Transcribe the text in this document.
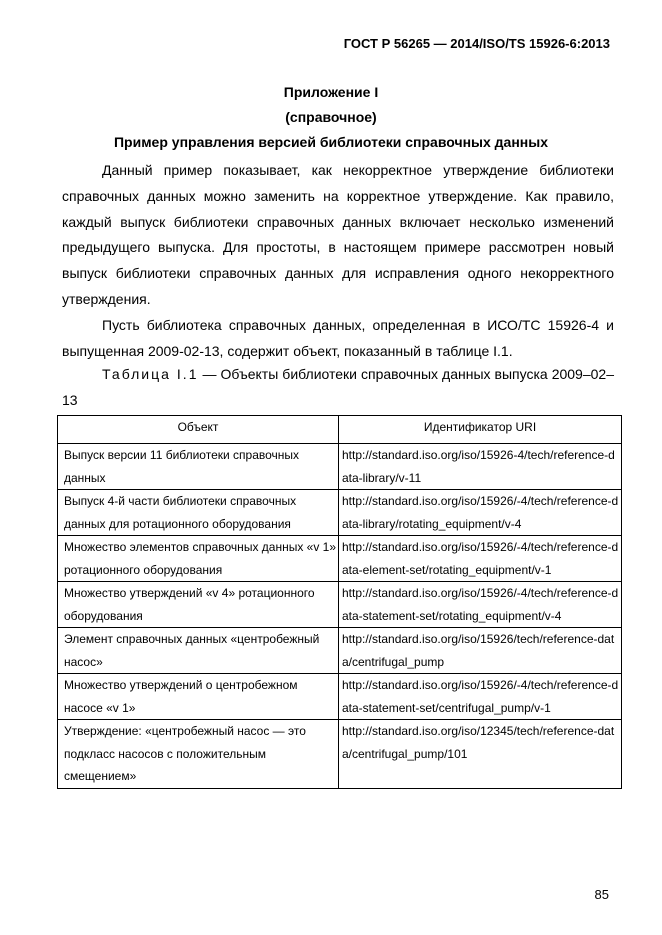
ГОСТ Р 56265 — 2014/ISO/TS 15926-6:2013
Приложение I
(справочное)
Пример управления версией библиотеки справочных данных
Данный пример показывает, как некорректное утверждение библиотеки справочных данных можно заменить на корректное утверждение. Как правило, каждый выпуск библиотеки справочных данных включает несколько изменений предыдущего выпуска. Для простоты, в настоящем примере рассмотрен новый выпуск библиотеки справочных данных для исправления одного некорректного утверждения.
Пусть библиотека справочных данных, определенная в ИСО/ТС 15926-4 и выпущенная 2009-02-13, содержит объект, показанный в таблице I.1.
Таблица I.1 — Объекты библиотеки справочных данных выпуска 2009–02–13
Объект	Идентификатор URI
Выпуск версии 11 библиотеки справочных данных	http://standard.iso.org/iso/15926-4/tech/reference-data-library/v-11
Выпуск 4-й части библиотеки справочных данных для ротационного оборудования	http://standard.iso.org/iso/15926/-4/tech/reference-data-library/rotating_equipment/v-4
Множество элементов справочных данных «v 1» ротационного оборудования	http://standard.iso.org/iso/15926/-4/tech/reference-data-element-set/rotating_equipment/v-1
Множество утверждений «v 4» ротационного оборудования	http://standard.iso.org/iso/15926/-4/tech/reference-data-statement-set/rotating_equipment/v-4
Элемент справочных данных «центробежный насос»	http://standard.iso.org/iso/15926/tech/reference-data/centrifugal_pump
Множество утверждений о центробежном насосе «v 1»	http://standard.iso.org/iso/15926/-4/tech/reference-data-statement-set/centrifugal_pump/v-1
Утверждение: «центробежный насос — это подкласс насосов с положительным смещением»	http://standard.iso.org/iso/12345/tech/reference-data/centrifugal_pump/101
85
